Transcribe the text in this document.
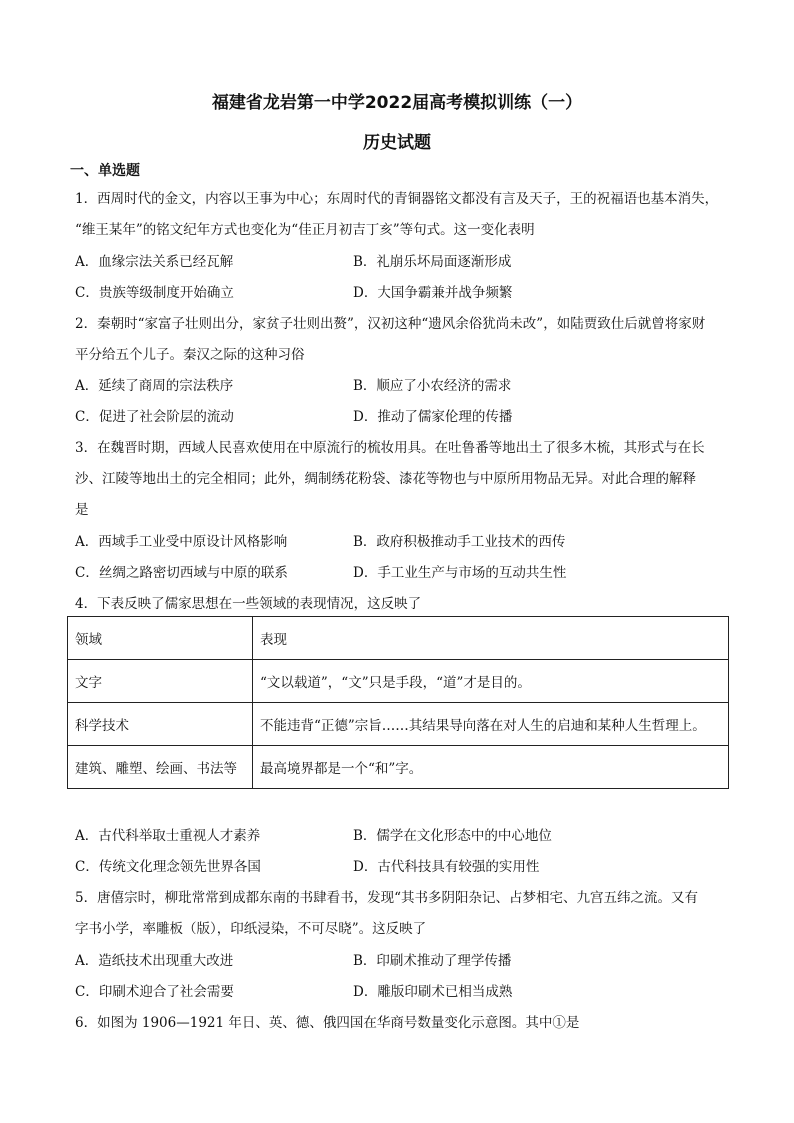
福建省龙岩第一中学2022届高考模拟训练（一）
历史试题
一、单选题
1．西周时代的金文，内容以王事为中心；东周时代的青铜器铭文都没有言及天子，王的祝福语也基本消失，
“维王某年”的铭文纪年方式也变化为“佳正月初吉丁亥”等句式。这一变化表明
A．血缘宗法关系已经瓦解	B．礼崩乐坏局面逐渐形成
C．贵族等级制度开始确立	D．大国争霸兼并战争频繁
2．秦朝时“家富子壮则出分，家贫子壮则出赘”，汉初这种“遗风余俗犹尚未改”，如陆贾致仕后就曾将家财
平分给五个儿子。秦汉之际的这种习俗
A．延续了商周的宗法秩序	B．顺应了小农经济的需求
C．促进了社会阶层的流动	D．推动了儒家伦理的传播
3．在魏晋时期，西域人民喜欢使用在中原流行的梳妆用具。在吐鲁番等地出土了很多木梳，其形式与在长
沙、江陵等地出土的完全相同；此外，绸制绣花粉袋、漆花等物也与中原所用物品无异。对此合理的解释
是
A．西域手工业受中原设计风格影响	B．政府积极推动手工业技术的西传
C．丝绸之路密切西域与中原的联系	D．手工业生产与市场的互动共生性
4．下表反映了儒家思想在一些领域的表现情况，这反映了
领域	表现
文字	“文以载道”，“文”只是手段，“道”才是目的。
科学技术	不能违背“正德”宗旨……其结果导向落在对人生的启迪和某种人生哲理上。
建筑、雕塑、绘画、书法等	最高境界都是一个“和”字。
A．古代科举取士重视人才素养	B．儒学在文化形态中的中心地位
C．传统文化理念领先世界各国	D．古代科技具有较强的实用性
5．唐僖宗时，柳玭常常到成都东南的书肆看书，发现“其书多阴阳杂记、占梦相宅、九宫五纬之流。又有
字书小学，率雕板（版），印纸浸染，不可尽晓”。这反映了
A．造纸技术出现重大改进	B．印刷术推动了理学传播
C．印刷术迎合了社会需要	D．雕版印刷术已相当成熟
6．如图为 1906—1921 年日、英、德、俄四国在华商号数量变化示意图。其中①是
